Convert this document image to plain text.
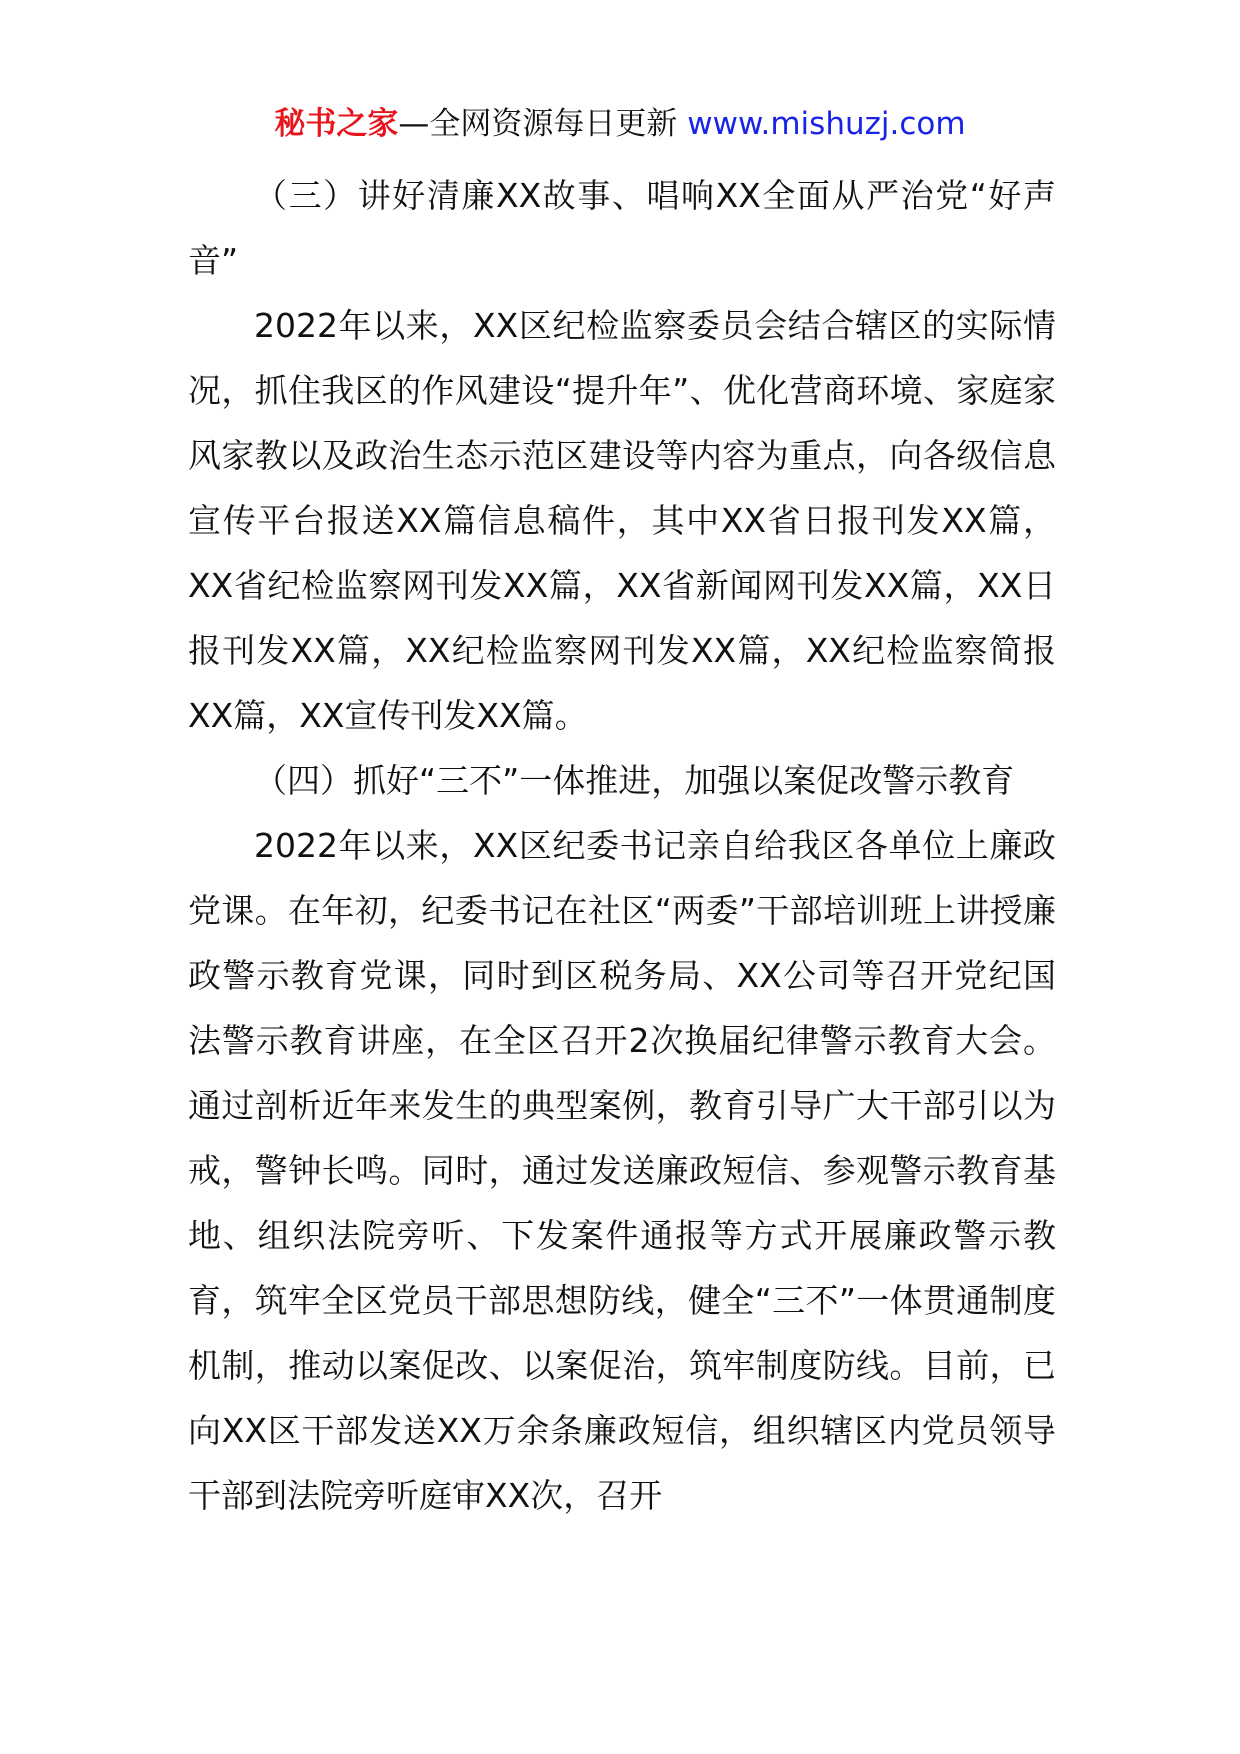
秘书之家—全网资源每日更新 www.mishuzj.com

（三）讲好清廉XX故事、唱响XX全面从严治党“好声音”

2022年以来，XX区纪检监察委员会结合辖区的实际情况，抓住我区的作风建设“提升年”、优化营商环境、家庭家风家教以及政治生态示范区建设等内容为重点，向各级信息宣传平台报送XX篇信息稿件，其中XX省日报刊发XX篇，XX省纪检监察网刊发XX篇，XX省新闻网刊发XX篇，XX日报刊发XX篇，XX纪检监察网刊发XX篇，XX纪检监察简报XX篇，XX宣传刊发XX篇。

（四）抓好“三不”一体推进，加强以案促改警示教育

2022年以来，XX区纪委书记亲自给我区各单位上廉政党课。在年初，纪委书记在社区“两委”干部培训班上讲授廉政警示教育党课，同时到区税务局、XX公司等召开党纪国法警示教育讲座，在全区召开2次换届纪律警示教育大会。通过剖析近年来发生的典型案例，教育引导广大干部引以为戒，警钟长鸣。同时，通过发送廉政短信、参观警示教育基地、组织法院旁听、下发案件通报等方式开展廉政警示教育，筑牢全区党员干部思想防线，健全“三不”一体贯通制度机制，推动以案促改、以案促治，筑牢制度防线。目前，已向XX区干部发送XX万余条廉政短信，组织辖区内党员领导干部到法院旁听庭审XX次，召开
